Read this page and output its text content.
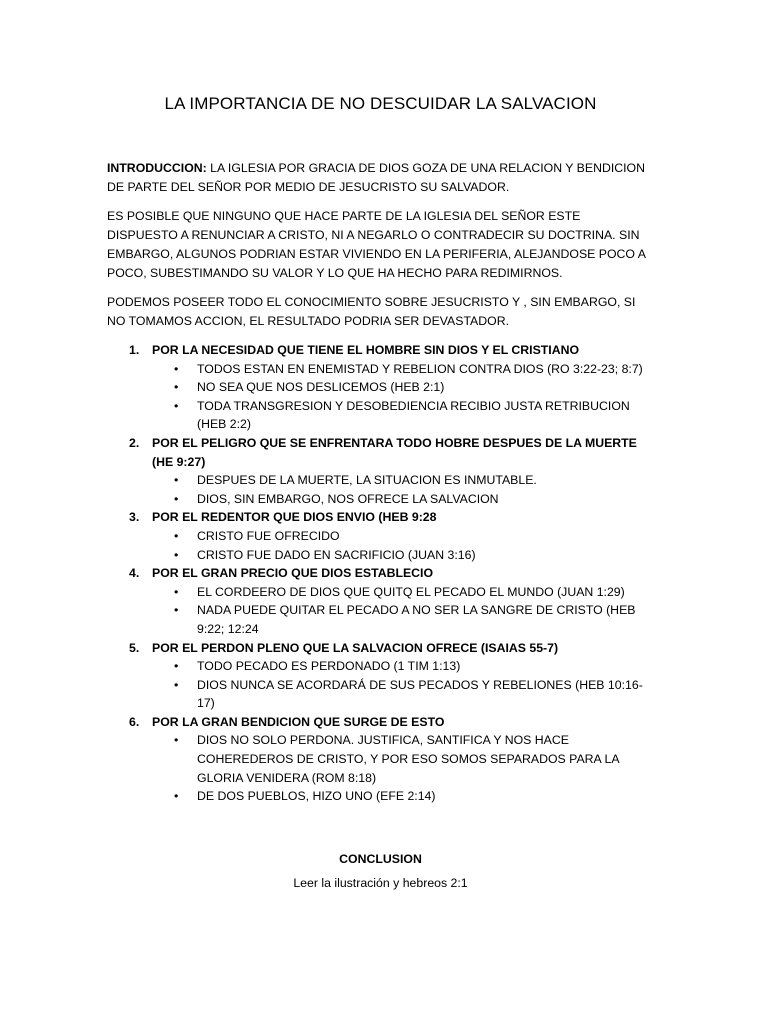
LA IMPORTANCIA DE NO DESCUIDAR LA SALVACION

INTRODUCCION: LA IGLESIA POR GRACIA DE DIOS GOZA DE UNA RELACION Y BENDICION DE PARTE DEL SEÑOR POR MEDIO DE JESUCRISTO SU SALVADOR.

ES POSIBLE QUE NINGUNO QUE HACE PARTE DE LA IGLESIA DEL SEÑOR ESTE DISPUESTO A RENUNCIAR A CRISTO, NI A NEGARLO O CONTRADECIR SU DOCTRINA. SIN EMBARGO, ALGUNOS PODRIAN ESTAR VIVIENDO EN LA PERIFERIA, ALEJANDOSE POCO A POCO, SUBESTIMANDO SU VALOR Y LO QUE HA HECHO PARA REDIMIRNOS.

PODEMOS POSEER TODO EL CONOCIMIENTO SOBRE JESUCRISTO Y , SIN EMBARGO, SI NO TOMAMOS ACCION, EL RESULTADO PODRIA SER DEVASTADOR.

1. POR LA NECESIDAD QUE TIENE EL HOMBRE SIN DIOS Y EL CRISTIANO
• TODOS ESTAN EN ENEMISTAD Y REBELION CONTRA DIOS (RO 3:22-23; 8:7)
• NO SEA QUE NOS DESLICEMOS (HEB 2:1)
• TODA TRANSGRESION Y DESOBEDIENCIA RECIBIO JUSTA RETRIBUCION (HEB 2:2)
2. POR EL PELIGRO QUE SE ENFRENTARA TODO HOBRE DESPUES DE LA MUERTE (HE 9:27)
• DESPUES DE LA MUERTE, LA SITUACION ES INMUTABLE.
• DIOS, SIN EMBARGO, NOS OFRECE LA SALVACION
3. POR EL REDENTOR QUE DIOS ENVIO (HEB 9:28
• CRISTO FUE OFRECIDO
• CRISTO FUE DADO EN SACRIFICIO (JUAN 3:16)
4. POR EL GRAN PRECIO QUE DIOS ESTABLECIO
• EL CORDEERO DE DIOS QUE QUITQ EL PECADO EL MUNDO (JUAN 1:29)
• NADA PUEDE QUITAR EL PECADO A NO SER LA SANGRE DE CRISTO (HEB 9:22; 12:24
5. POR EL PERDON PLENO QUE LA SALVACION OFRECE (ISAIAS 55-7)
• TODO PECADO ES PERDONADO (1 TIM 1:13)
• DIOS NUNCA SE ACORDARÁ DE SUS PECADOS Y REBELIONES (HEB 10:16-17)
6. POR LA GRAN BENDICION QUE SURGE DE ESTO
• DIOS NO SOLO PERDONA. JUSTIFICA, SANTIFICA Y NOS HACE COHEREDEROS DE CRISTO, Y POR ESO SOMOS SEPARADOS PARA LA GLORIA VENIDERA (ROM 8:18)
• DE DOS PUEBLOS, HIZO UNO (EFE 2:14)

CONCLUSION

Leer la ilustración y hebreos 2:1
